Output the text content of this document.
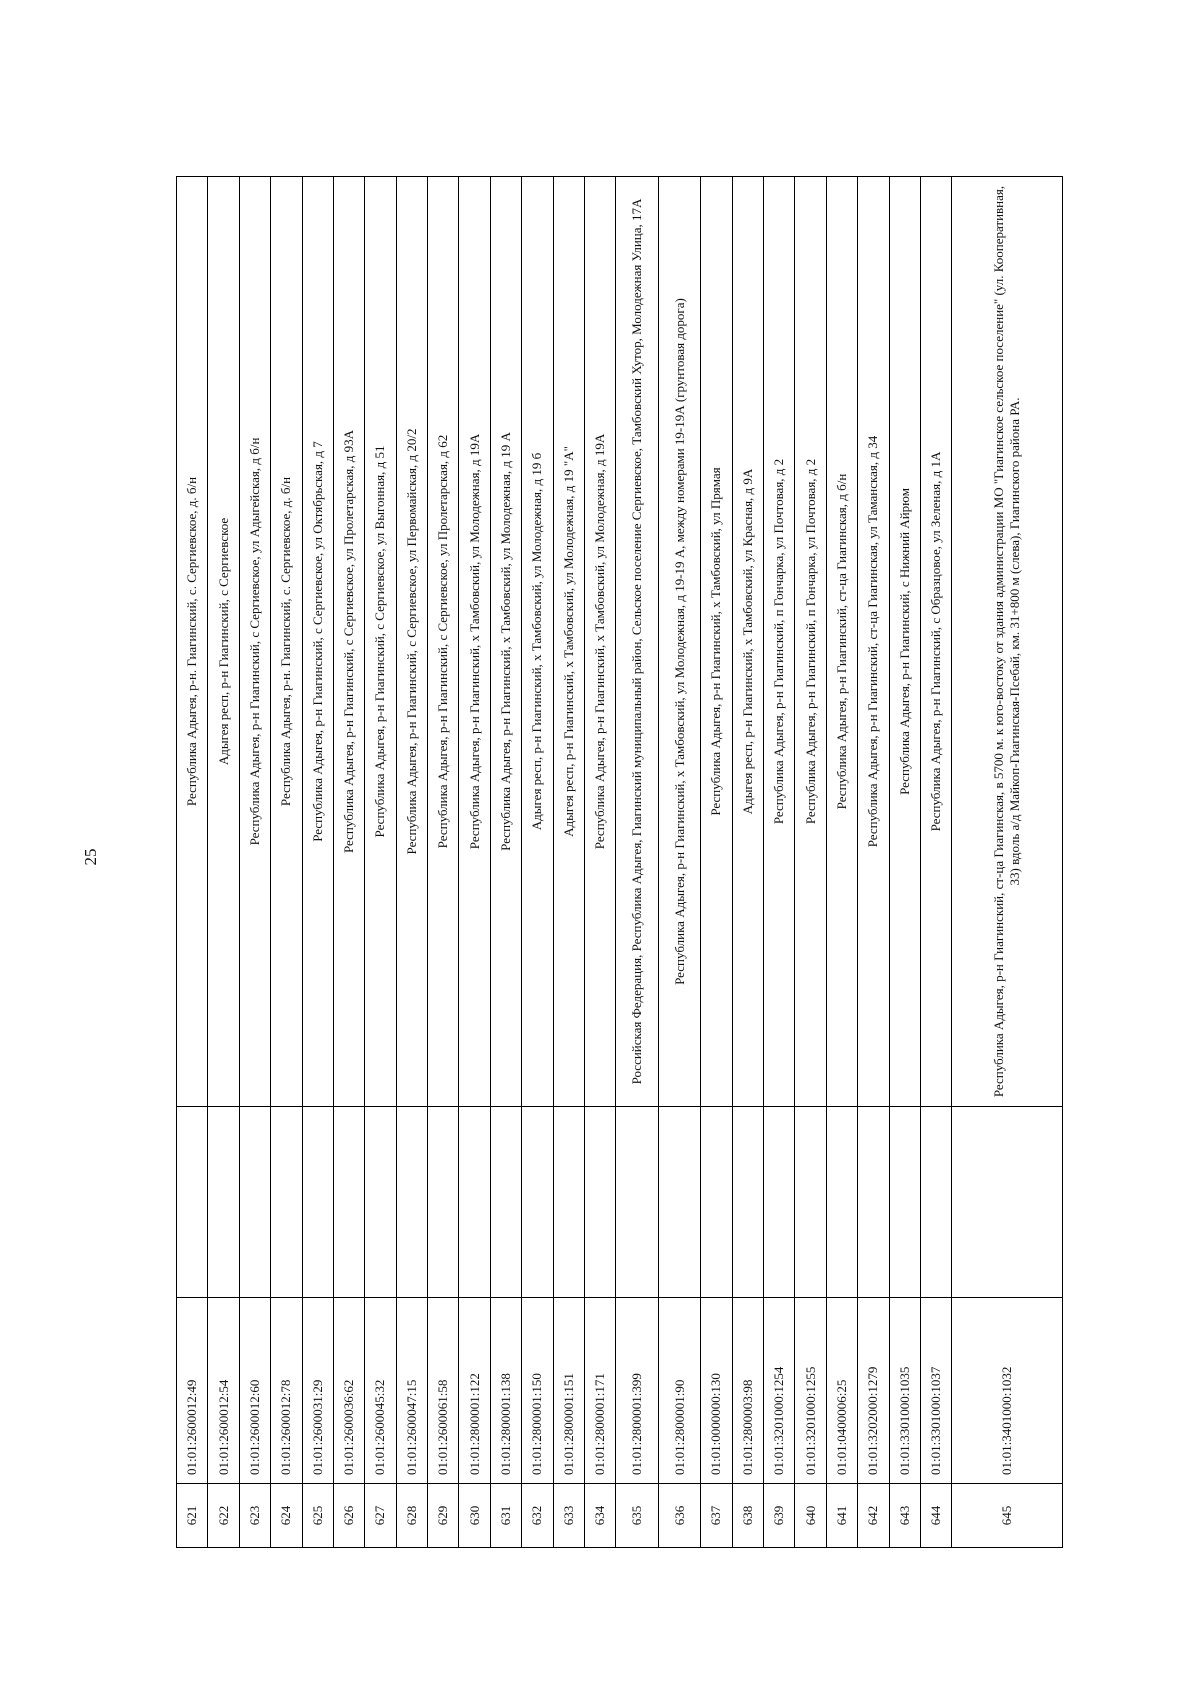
25
621	01:01:2600012:49		Республика Адыгея, р-н. Гиагинский, с. Сергиевское, д. б/н
622	01:01:2600012:54		Адыгея респ, р-н Гиагинский, с Сергиевское
623	01:01:2600012:60		Республика Адыгея, р-н Гиагинский, с Сергиевское, ул Адыгейская, д б/н
624	01:01:2600012:78		Республика Адыгея, р-н. Гиагинский, с. Сергиевское, д. б/н
625	01:01:2600031:29		Республика Адыгея, р-н Гиагинский, с Сергиевское, ул Октябрьская, д 7
626	01:01:2600036:62		Республика Адыгея, р-н Гиагинский, с Сергиевское, ул Пролетарская, д 93А
627	01:01:2600045:32		Республика Адыгея, р-н Гиагинский, с Сергиевское, ул Выгонная, д 51
628	01:01:2600047:15		Республика Адыгея, р-н Гиагинский, с Сергиевское, ул Первомайская, д 20/2
629	01:01:2600061:58		Республика Адыгея, р-н Гиагинский, с Сергиевское, ул Пролетарская, д 62
630	01:01:2800001:122		Республика Адыгея, р-н Гиагинский, х Тамбовский, ул Молодежная, д 19А
631	01:01:2800001:138		Республика Адыгея, р-н Гиагинский, х Тамбовский, ул Молодежная, д 19 А
632	01:01:2800001:150		Адыгея респ, р-н Гиагинский, х Тамбовский, ул Молодежная, д 19 б
633	01:01:2800001:151		Адыгея респ, р-н Гиагинский, х Тамбовский, ул Молодежная, д 19 "А"
634	01:01:2800001:171		Республика Адыгея, р-н Гиагинский, х Тамбовский, ул Молодежная, д 19А
635	01:01:2800001:399		Российская Федерация, Республика Адыгея, Гиагинский муниципальный район, Сельское поселение Сергиевское, Тамбовский Хутор, Молодежная Улица, 17А
636	01:01:2800001:90		Республика Адыгея, р-н Гиагинский, х Тамбовский, ул Молодежная, д 19-19 А, между номерами 19-19А (грунтовая дорога)
637	01:01:0000000:130		Республика Адыгея, р-н Гиагинский, х Тамбовский, ул Прямая
638	01:01:2800003:98		Адыгея респ, р-н Гиагинский, х Тамбовский, ул Красная, д 9А
639	01:01:3201000:1254		Республика Адыгея, р-н Гиагинский, п Гончарка, ул Почтовая, д 2
640	01:01:3201000:1255		Республика Адыгея, р-н Гиагинский, п Гончарка, ул Почтовая, д 2
641	01:01:0400006:25		Республика Адыгея, р-н Гиагинский, ст-ца Гиагинская, д б/н
642	01:01:3202000:1279		Республика Адыгея, р-н Гиагинский, ст-ца Гиагинская, ул Таманская, д 34
643	01:01:3301000:1035		Республика Адыгея, р-н Гиагинский, с Нижний Айрюм
644	01:01:3301000:1037		Республика Адыгея, р-н Гиагинский, с Образцовое, ул Зеленая, д 1А
645	01:01:3401000:1032		Республика Адыгея, р-н Гиагинский, ст-ца Гиагинская, в 5700 м. к юго-востоку от здания администрации МО "Гиагинское сельское поселение" (ул. Кооперативная, 33) вдоль а/д Майкоп-Гиагинская-Псебай, км. 31+800 м (слева), Гиагинского района РА.
